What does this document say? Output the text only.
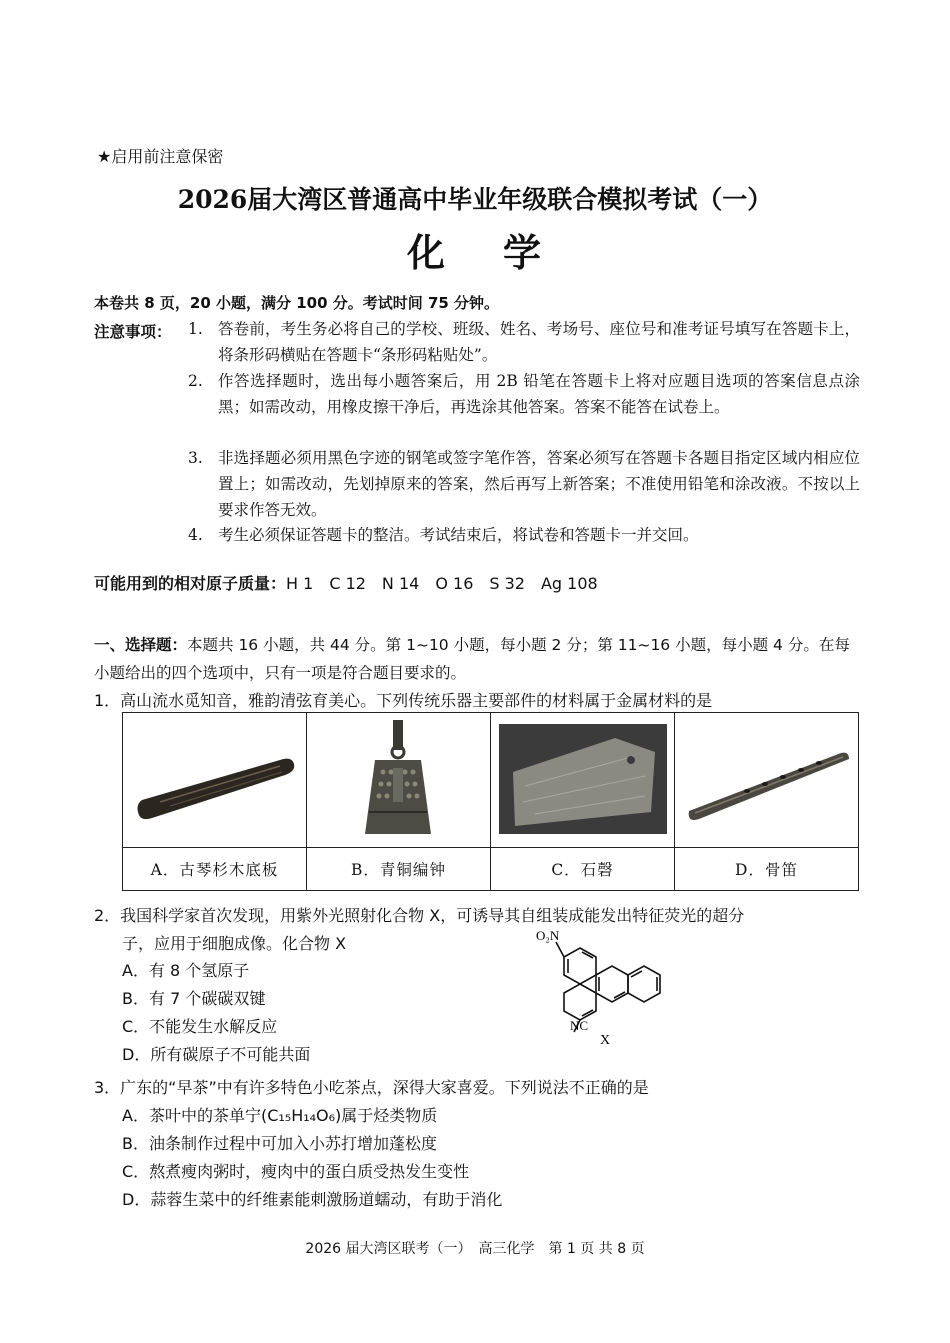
★启用前注意保密
2026届大湾区普通高中毕业年级联合模拟考试（一）
化 学
本卷共 8 页，20 小题，满分 100 分。考试时间 75 分钟。
注意事项： 1. 答卷前，考生务必将自己的学校、班级、姓名、考场号、座位号和准考证号填写在答题卡上，将条形码横贴在答题卡“条形码粘贴处”。
2. 作答选择题时，选出每小题答案后，用 2B 铅笔在答题卡上将对应题目选项的答案信息点涂黑；如需改动，用橡皮擦干净后，再选涂其他答案。答案不能答在试卷上。
3. 非选择题必须用黑色字迹的钢笔或签字笔作答，答案必须写在答题卡各题目指定区域内相应位置上；如需改动，先划掉原来的答案，然后再写上新答案；不准使用铅笔和涂改液。不按以上要求作答无效。
4. 考生必须保证答题卡的整洁。考试结束后，将试卷和答题卡一并交回。
可能用到的相对原子质量：H 1　C 12　N 14　O 16　S 32　Ag 108
一、选择题：本题共 16 小题，共 44 分。第 1~10 小题，每小题 2 分；第 11~16 小题，每小题 4 分。在每小题给出的四个选项中，只有一项是符合题目要求的。
1．高山流水觅知音，雅韵清弦育美心。下列传统乐器主要部件的材料属于金属材料的是

A．古琴杉木底板	B．青铜编钟	C．石磬	D．骨笛
2．我国科学家首次发现，用紫外光照射化合物 X，可诱导其自组装成能发出特征荧光的超分
子，应用于细胞成像。化合物 X
A．有 8 个氢原子
B．有 7 个碳碳双键
C．不能发生水解反应
D．所有碳原子不可能共面
O₂N
NC
X
3．广东的“早茶”中有许多特色小吃茶点，深得大家喜爱。下列说法不正确的是
A．茶叶中的茶单宁(C₁₅H₁₄O₆)属于烃类物质
B．油条制作过程中可加入小苏打增加蓬松度
C．熬煮瘦肉粥时，瘦肉中的蛋白质受热发生变性
D．蒜蓉生菜中的纤维素能刺激肠道蠕动，有助于消化
2026 届大湾区联考（一）　高三化学　第 1 页 共 8 页
